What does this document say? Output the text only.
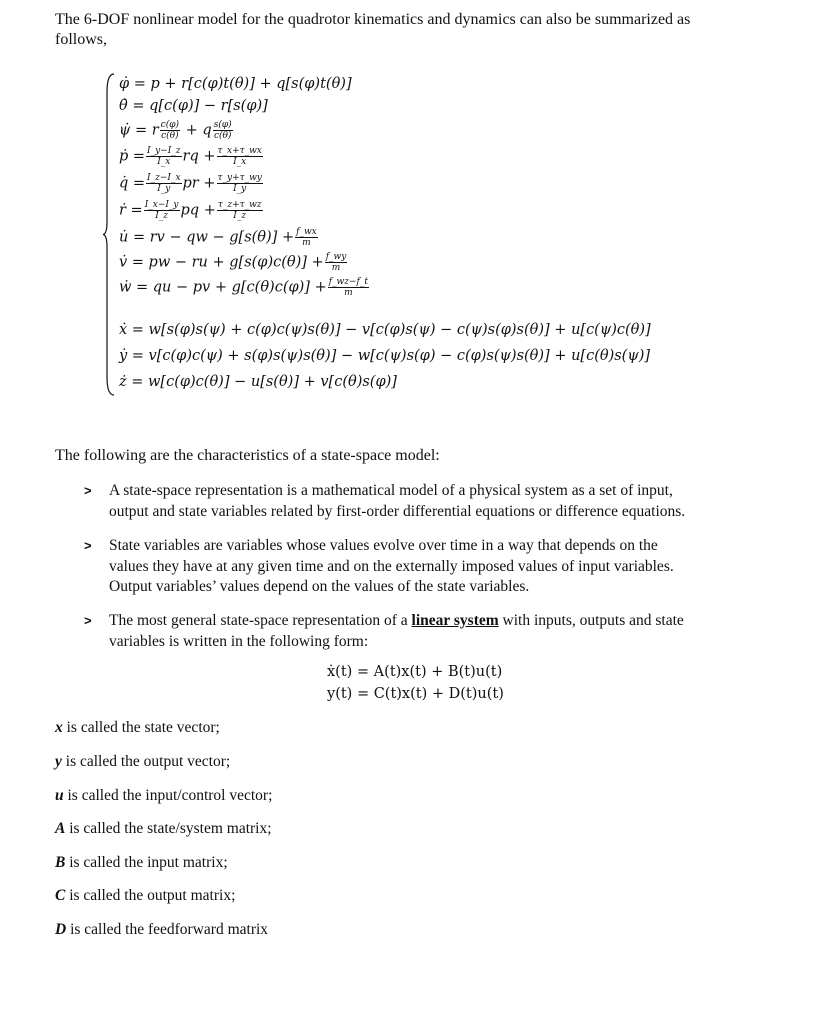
The 6-DOF nonlinear model for the quadrotor kinematics and dynamics can also be summarized as
follows,
φ̇ = p + r[c(φ)t(θ)] + q[s(φ)t(θ)]
θ̇ = q[c(φ)] − r[s(φ)]
ψ̇ = r $\frac{c(\varphi)}{c(\theta)} + q \frac{s(\varphi)}{c(\theta)}$
ṗ = $\frac{I\_y-I\_z}{I\_x}$ rq + $\frac{\tau\_x+\tau\_wx}{I\_x}$
q̇ = $\frac{I\_z-I\_x}{I\_y}$ pr + $\frac{\tau\_y+\tau\_wy}{I\_y}$
ṙ = $\frac{I\_x-I\_y}{I\_z}$ pq + $\frac{\tau\_z+\tau\_wz}{I\_z}$
u̇ = rv − qw − $g[s(\theta)] + \frac{f\_wx}{m}$
v̇ = pw − ru + $g[s(\varphi)c(\theta)] + \frac{f\_wy}{m}$
ẇ = qu − pv + $g[c(\theta)c(\varphi)] + \frac{f\_wz-f\_t}{m}$
ẋ = w[s(φ)s(ψ) + c(φ)c(ψ)s(θ)] − v[c(φ)s(ψ) − c(ψ)s(φ)s(θ)] + u[c(ψ)c(θ)]
ẏ = v[c(φ)c(ψ) + s(φ)s(ψ)s(θ)] − w[c(ψ)s(φ) − c(φ)s(ψ)s(θ)] + u[c(θ)s(ψ)]
ż = w[c(φ)c(θ)] − u[s(θ)] + v[c(θ)s(φ)]
The following are the characteristics of a state-space model:
> A state-space representation is a mathematical model of a physical system as a set of input,
output and state variables related by first-order differential equations or difference equations.
> State variables are variables whose values evolve over time in a way that depends on the
values they have at any given time and on the externally imposed values of input variables.
Output variables’ values depend on the values of the state variables.
> The most general state-space representation of a linear system with inputs, outputs and state
variables is written in the following form:
ẋ(t) = A(t)x(t) + B(t)u(t)
y(t) = C(t)x(t) + D(t)u(t)
x is called the state vector;
y is called the output vector;
u is called the input/control vector;
A is called the state/system matrix;
B is called the input matrix;
C is called the output matrix;
D is called the feedforward matrix
